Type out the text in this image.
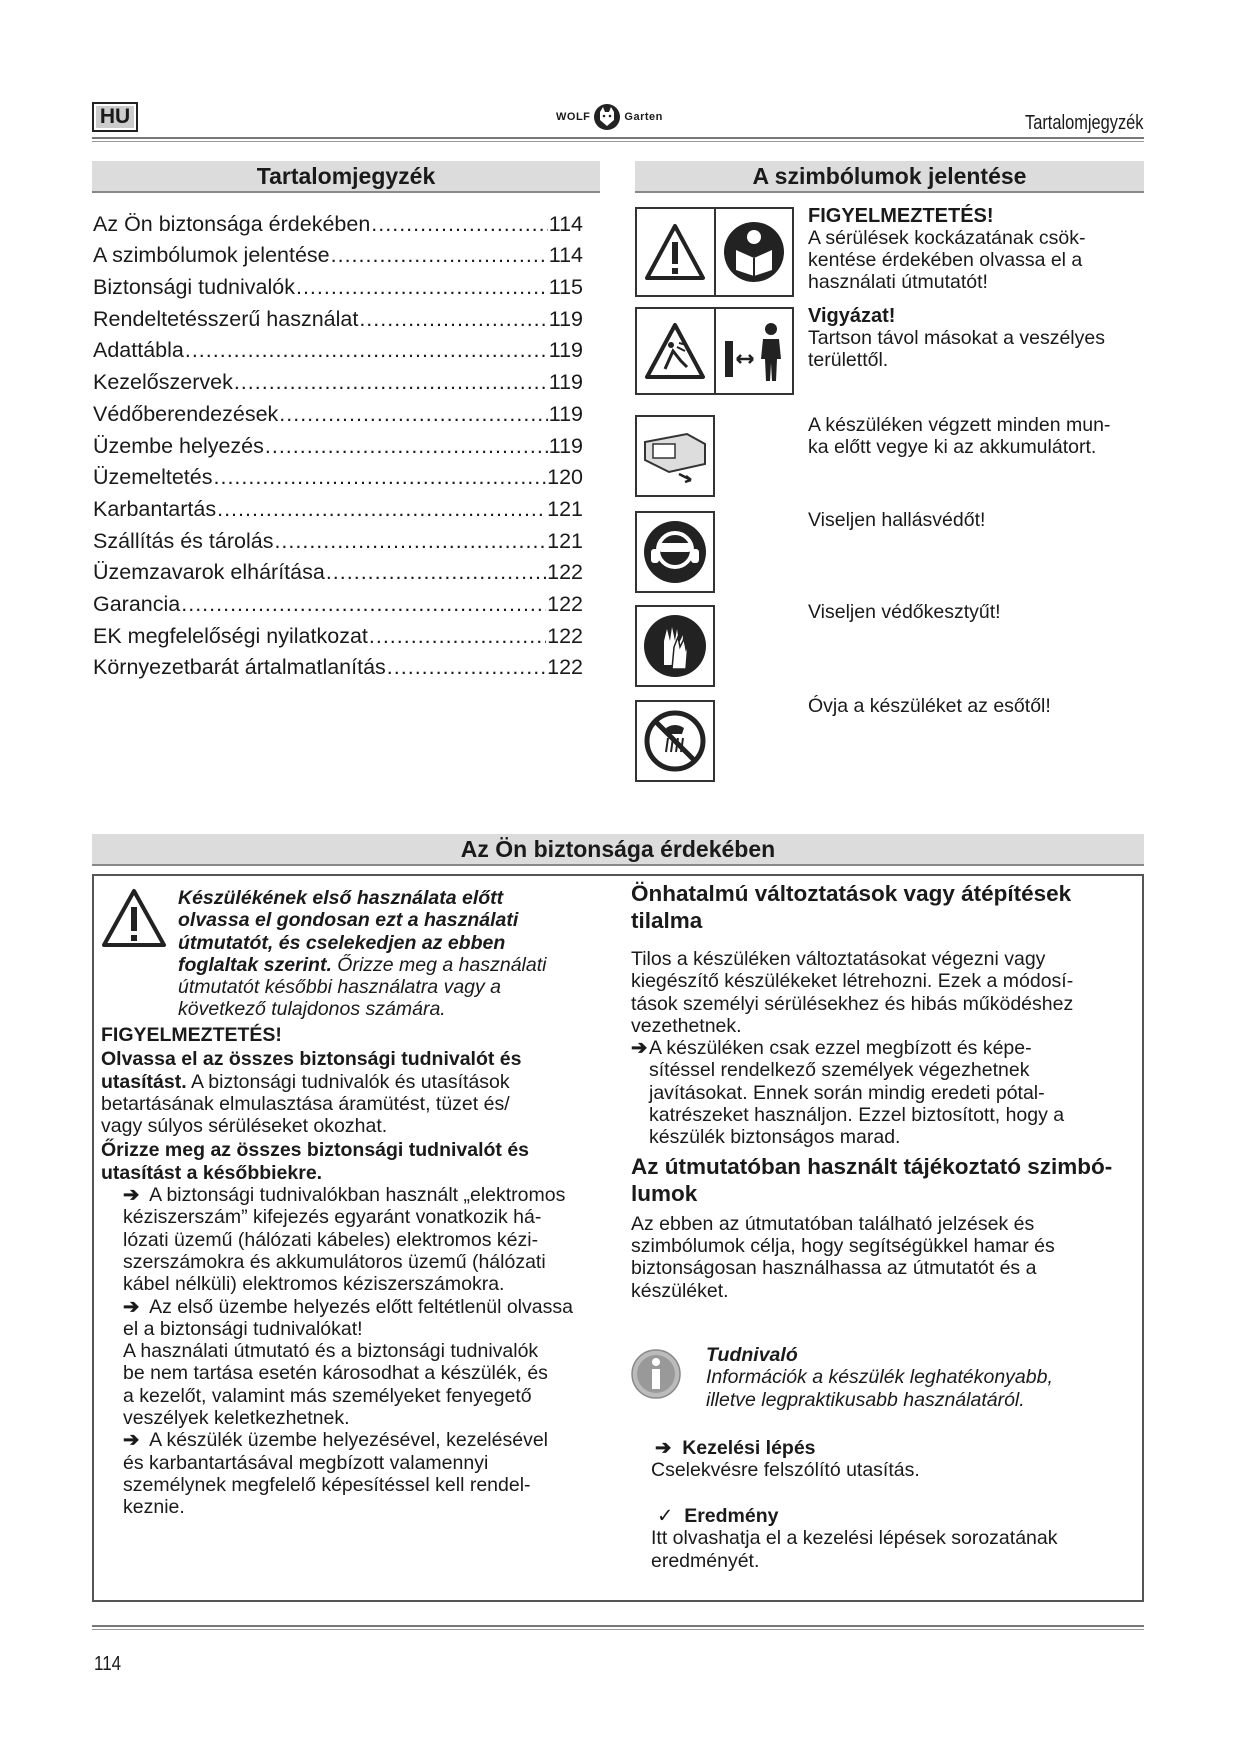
HU	WOLF	Garten	Tartalomjegyzék
Tartalomjegyzék
Az Ön biztonsága érdekében .....	114
A szimbólumok jelentése .....	114
Biztonsági tudnivalók .....	115
Rendeltetésszerű használat .....	119
Adattábla .....	119
Kezelőszervek .....	119
Védőberendezések .....	119
Üzembe helyezés .....	119
Üzemeltetés .....	120
Karbantartás .....	121
Szállítás és tárolás .....	121
Üzemzavarok elhárítása .....	122
Garancia .....	122
EK megfelelőségi nyilatkozat .....	122
Környezetbarát ártalmatlanítás .....	122
A szimbólumok jelentése
FIGYELMEZTETÉS!
A sérülések kockázatának csök-
kentése érdekében olvassa el a
használati útmutatót!
Vigyázat!
Tartson távol másokat a veszélyes
területtől.
A készüléken végzett minden mun-
ka előtt vegye ki az akkumulátort.
Viseljen hallásvédőt!
Viseljen védőkesztyűt!
Óvja a készüléket az esőtől!
Az Ön biztonsága érdekében
Készülékének első használata előtt
olvassa el gondosan ezt a használati
útmutatót, és cselekedjen az ebben
foglaltak szerint. Őrizze meg a használati
útmutatót későbbi használatra vagy a
következő tulajdonos számára.
FIGYELMEZTETÉS!

Olvassa el az összes biztonsági tudnivalót és
utasítást. A biztonsági tudnivalók és utasítások
betartásának elmulasztása áramütést, tüzet és/
vagy súlyos sérüléseket okozhat.
Őrizze meg az összes biztonsági tudnivalót és
utasítást a későbbiekre.
➔ A biztonsági tudnivalókban használt „elektromos
kéziszerszám” kifejezés egyaránt vonatkozik há-
lózati üzemű (hálózati kábeles) elektromos kézi-
szerszámokra és akkumulátoros üzemű (hálózati
kábel nélküli) elektromos kéziszerszámokra.
➔ Az első üzembe helyezés előtt feltétlenül olvassa
el a biztonsági tudnivalókat!
A használati útmutató és a biztonsági tudnivalók
be nem tartása esetén károsodhat a készülék, és
a kezelőt, valamint más személyeket fenyegető
veszélyek keletkezhetnek.
➔ A készülék üzembe helyezésével, kezelésével
és karbantartásával megbízott valamennyi
személynek megfelelő képesítéssel kell rendel-
keznie.
Önhatalmú változtatások vagy átépítések
tilalma
Tilos a készüléken változtatásokat végezni vagy
kiegészítő készülékeket létrehozni. Ezek a módosí-
tások személyi sérülésekhez és hibás működéshez
vezethetnek.
➔ A készüléken csak ezzel megbízott és képe-
sítéssel rendelkező személyek végezhetnek
javításokat. Ennek során mindig eredeti pótal-
katrészeket használjon. Ezzel biztosított, hogy a
készülék biztonságos marad.
Az útmutatóban használt tájékoztató szimbó-
lumok
Az ebben az útmutatóban található jelzések és
szimbólumok célja, hogy segítségükkel hamar és
biztonságosan használhassa az útmutatót és a
készüléket.
Tudnivaló
Információk a készülék leghatékonyabb,
illetve legpraktikusabb használatáról.
➔ Kezelési lépés
Cselekvésre felszólító utasítás.
✓ Eredmény
Itt olvashatja el a kezelési lépések sorozatának
eredményét.
114
